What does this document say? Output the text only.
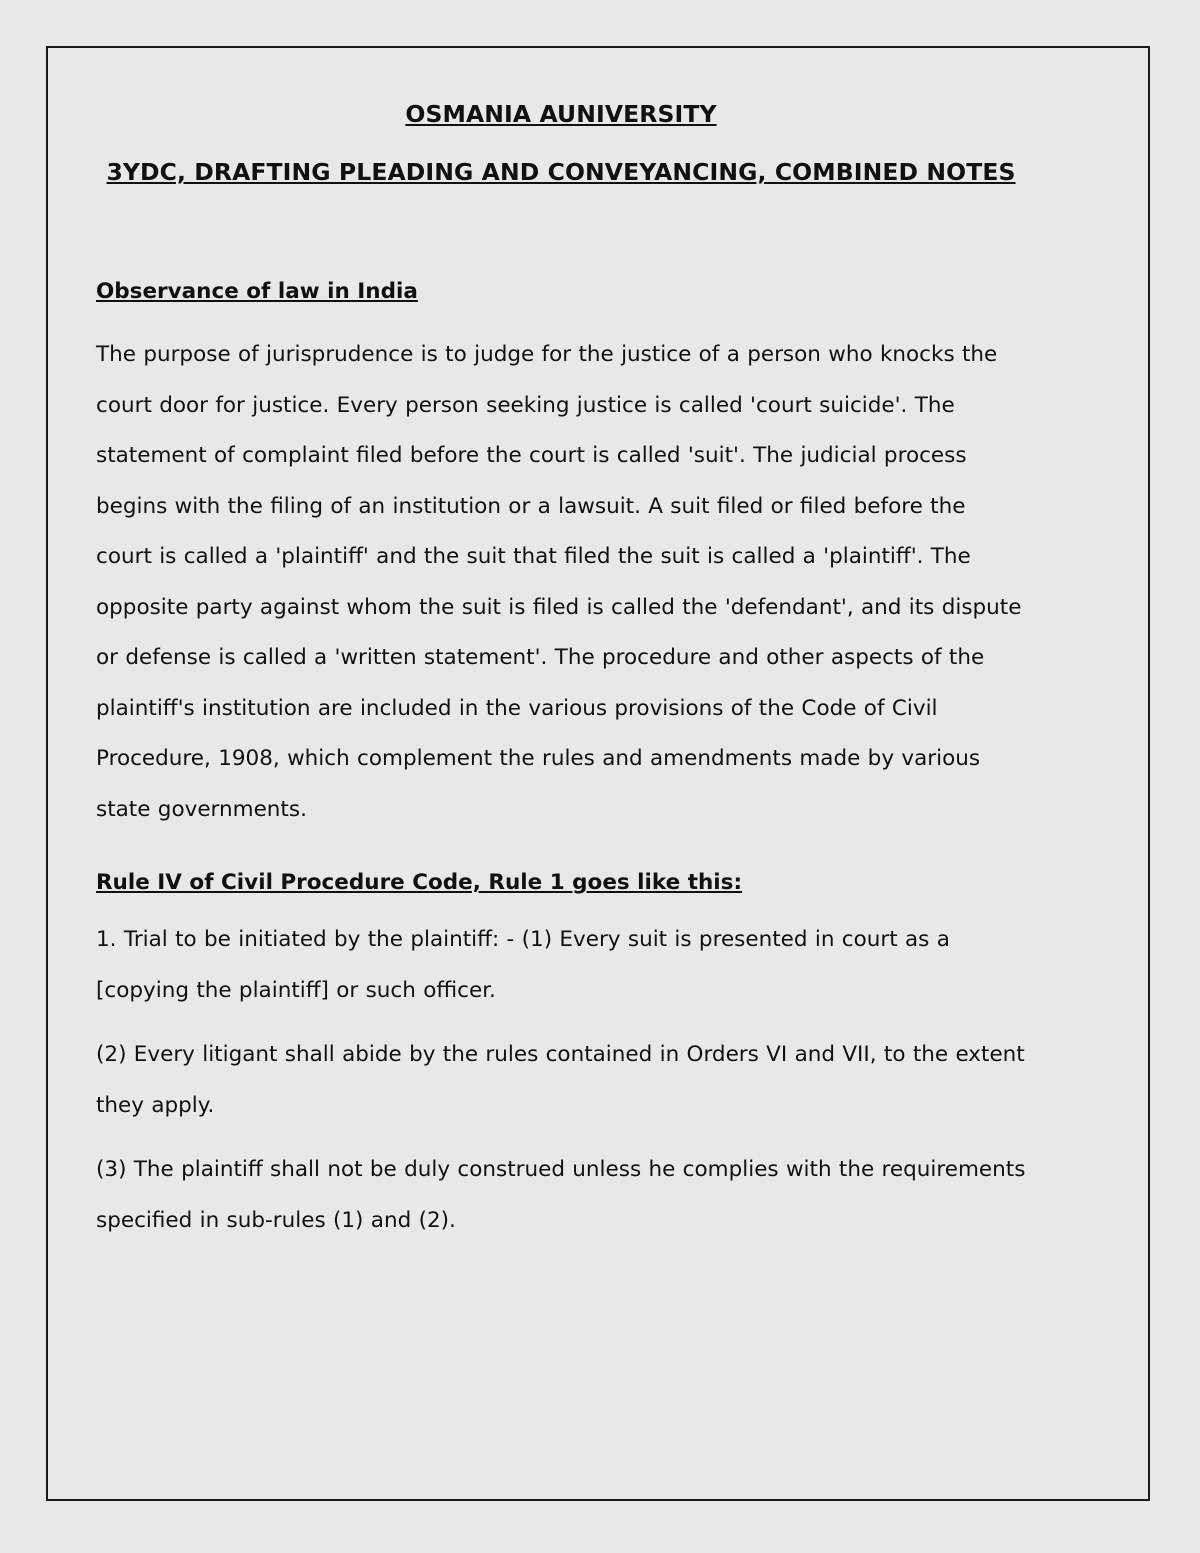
OSMANIA AUNIVERSITY
3YDC, DRAFTING PLEADING AND CONVEYANCING, COMBINED NOTES
Observance of law in India

The purpose of jurisprudence is to judge for the justice of a person who knocks the court door for justice. Every person seeking justice is called 'court suicide'. The statement of complaint filed before the court is called 'suit'. The judicial process begins with the filing of an institution or a lawsuit. A suit filed or filed before the court is called a 'plaintiff' and the suit that filed the suit is called a 'plaintiff'. The opposite party against whom the suit is filed is called the 'defendant', and its dispute or defense is called a 'written statement'. The procedure and other aspects of the plaintiff's institution are included in the various provisions of the Code of Civil Procedure, 1908, which complement the rules and amendments made by various state governments.

Rule IV of Civil Procedure Code, Rule 1 goes like this:

1. Trial to be initiated by the plaintiff: - (1) Every suit is presented in court as a [copying the plaintiff] or such officer.

(2) Every litigant shall abide by the rules contained in Orders VI and VII, to the extent they apply.

(3) The plaintiff shall not be duly construed unless he complies with the requirements specified in sub-rules (1) and (2).
